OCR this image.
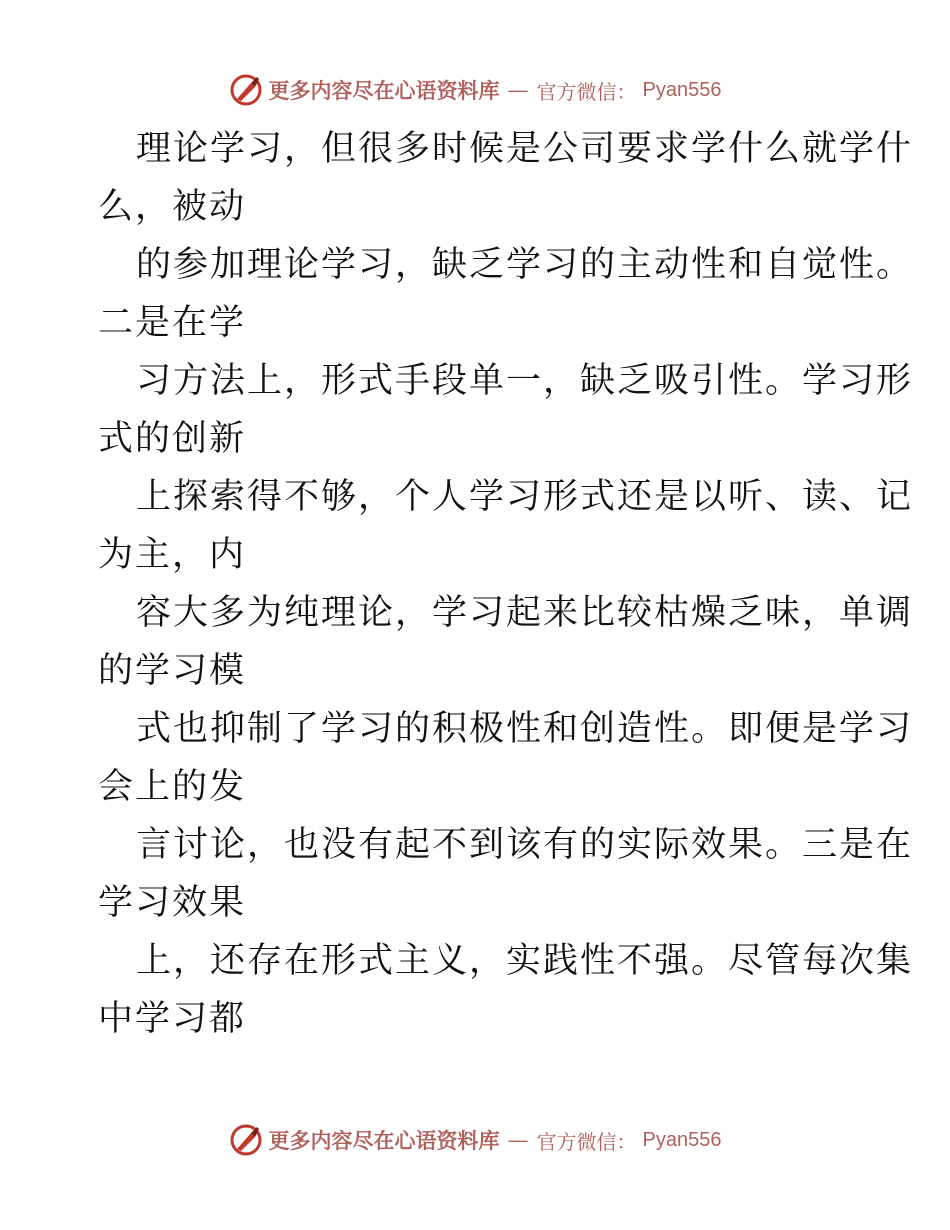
更多内容尽在心语资料库 — 官方微信： Pyan556
理论学习，但很多时候是公司要求学什么就学什
么，被动
的参加理论学习，缺乏学习的主动性和自觉性。
二是在学
习方法上，形式手段单一，缺乏吸引性。学习形
式的创新
上探索得不够，个人学习形式还是以听、读、记
为主，内
容大多为纯理论，学习起来比较枯燥乏味，单调
的学习模
式也抑制了学习的积极性和创造性。即便是学习
会上的发
言讨论，也没有起不到该有的实际效果。三是在
学习效果
上，还存在形式主义，实践性不强。尽管每次集
中学习都
更多内容尽在心语资料库 — 官方微信： Pyan556
